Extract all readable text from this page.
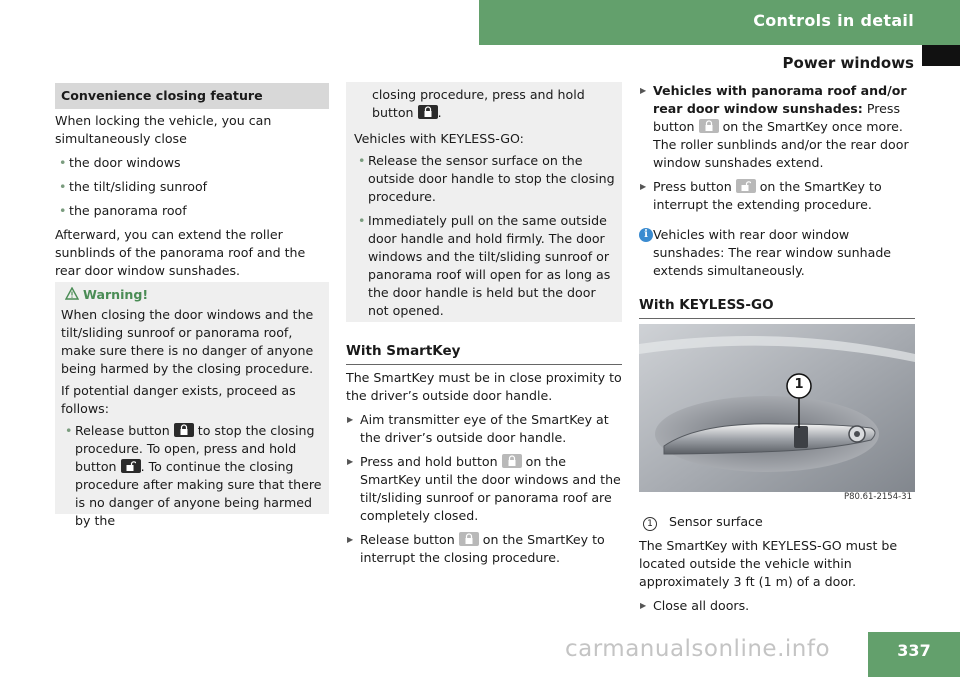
Controls in detail
Power windows
Convenience closing feature

When locking the vehicle, you can simultaneously close

• the door windows

• the tilt/sliding sunroof

• the panorama roof

Afterward, you can extend the roller sunblinds of the panorama roof and the rear door window sunshades.

Warning!

When closing the door windows and the tilt/sliding sunroof or panorama roof, make sure there is no danger of anyone being harmed by the closing procedure.

If potential danger exists, proceed as follows:

• Release button to stop the closing procedure. To open, press and hold button . To continue the closing procedure after making sure that there is no danger of anyone being harmed by the

closing procedure, press and hold button .

Vehicles with KEYLESS-GO:

• Release the sensor surface on the outside door handle to stop the closing procedure.

• Immediately pull on the same outside door handle and hold firmly. The door windows and the tilt/sliding sunroof or panorama roof will open for as long as the door handle is held but the door not opened.

With SmartKey

The SmartKey must be in close proximity to the driver’s outside door handle.

▶ Aim transmitter eye of the SmartKey at the driver’s outside door handle.

▶ Press and hold button on the SmartKey until the door windows and the tilt/sliding sunroof or panorama roof are completely closed.

▶ Release button on the SmartKey to interrupt the closing procedure.

▶ Vehicles with panorama roof and/or rear door window sunshades: Press button on the SmartKey once more. The roller sunblinds and/or the rear door window sunshades extend.

▶ Press button on the SmartKey to interrupt the extending procedure.

i Vehicles with rear door window sunshades: The rear window sunhade extends simultaneously.

With KEYLESS-GO
1
P80.61-2154-31

1 Sensor surface

The SmartKey with KEYLESS-GO must be located outside the vehicle within approximately 3 ft (1 m) of a door.

▶ Close all doors.

carmanualsonline.info	337
